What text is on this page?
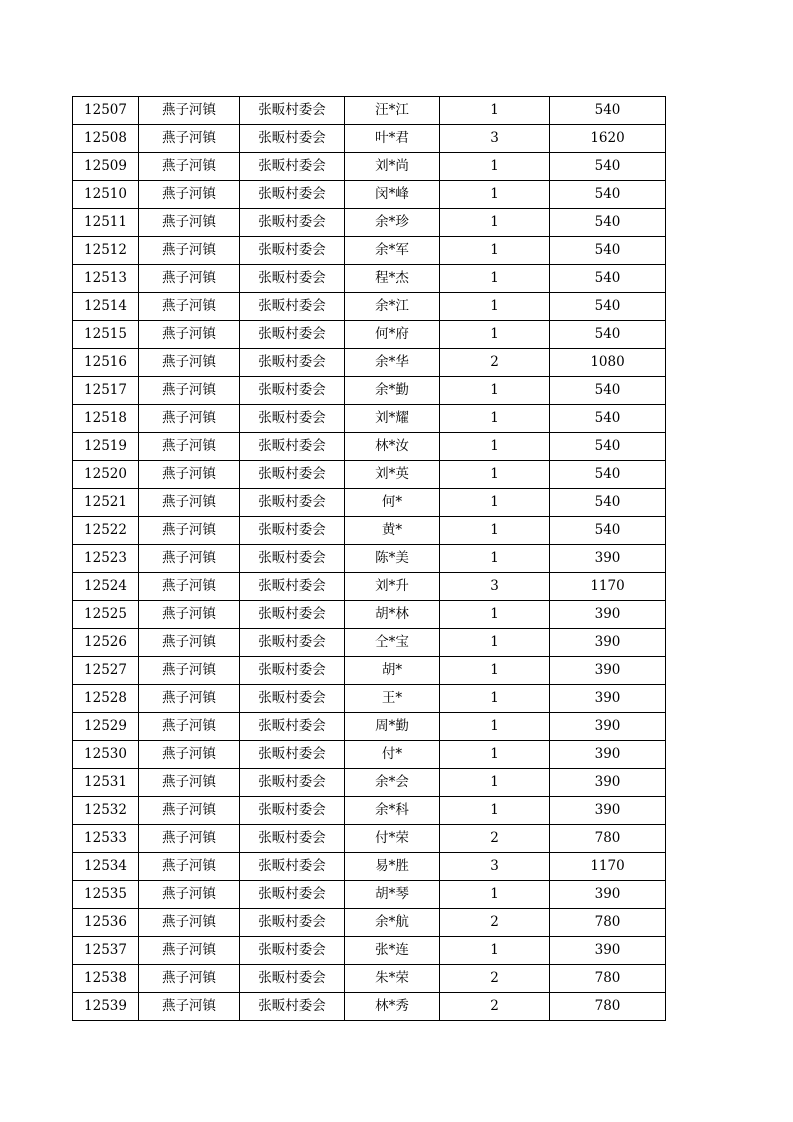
12507	燕子河镇	张畈村委会	汪*江	1	540
12508	燕子河镇	张畈村委会	叶*君	3	1620
12509	燕子河镇	张畈村委会	刘*尚	1	540
12510	燕子河镇	张畈村委会	闵*峰	1	540
12511	燕子河镇	张畈村委会	余*珍	1	540
12512	燕子河镇	张畈村委会	余*军	1	540
12513	燕子河镇	张畈村委会	程*杰	1	540
12514	燕子河镇	张畈村委会	余*江	1	540
12515	燕子河镇	张畈村委会	何*府	1	540
12516	燕子河镇	张畈村委会	余*华	2	1080
12517	燕子河镇	张畈村委会	余*勤	1	540
12518	燕子河镇	张畈村委会	刘*耀	1	540
12519	燕子河镇	张畈村委会	林*汝	1	540
12520	燕子河镇	张畈村委会	刘*英	1	540
12521	燕子河镇	张畈村委会	何*	1	540
12522	燕子河镇	张畈村委会	黄*	1	540
12523	燕子河镇	张畈村委会	陈*美	1	390
12524	燕子河镇	张畈村委会	刘*升	3	1170
12525	燕子河镇	张畈村委会	胡*林	1	390
12526	燕子河镇	张畈村委会	仝*宝	1	390
12527	燕子河镇	张畈村委会	胡*	1	390
12528	燕子河镇	张畈村委会	王*	1	390
12529	燕子河镇	张畈村委会	周*勤	1	390
12530	燕子河镇	张畈村委会	付*	1	390
12531	燕子河镇	张畈村委会	余*会	1	390
12532	燕子河镇	张畈村委会	余*科	1	390
12533	燕子河镇	张畈村委会	付*荣	2	780
12534	燕子河镇	张畈村委会	易*胜	3	1170
12535	燕子河镇	张畈村委会	胡*琴	1	390
12536	燕子河镇	张畈村委会	余*航	2	780
12537	燕子河镇	张畈村委会	张*连	1	390
12538	燕子河镇	张畈村委会	朱*荣	2	780
12539	燕子河镇	张畈村委会	林*秀	2	780
